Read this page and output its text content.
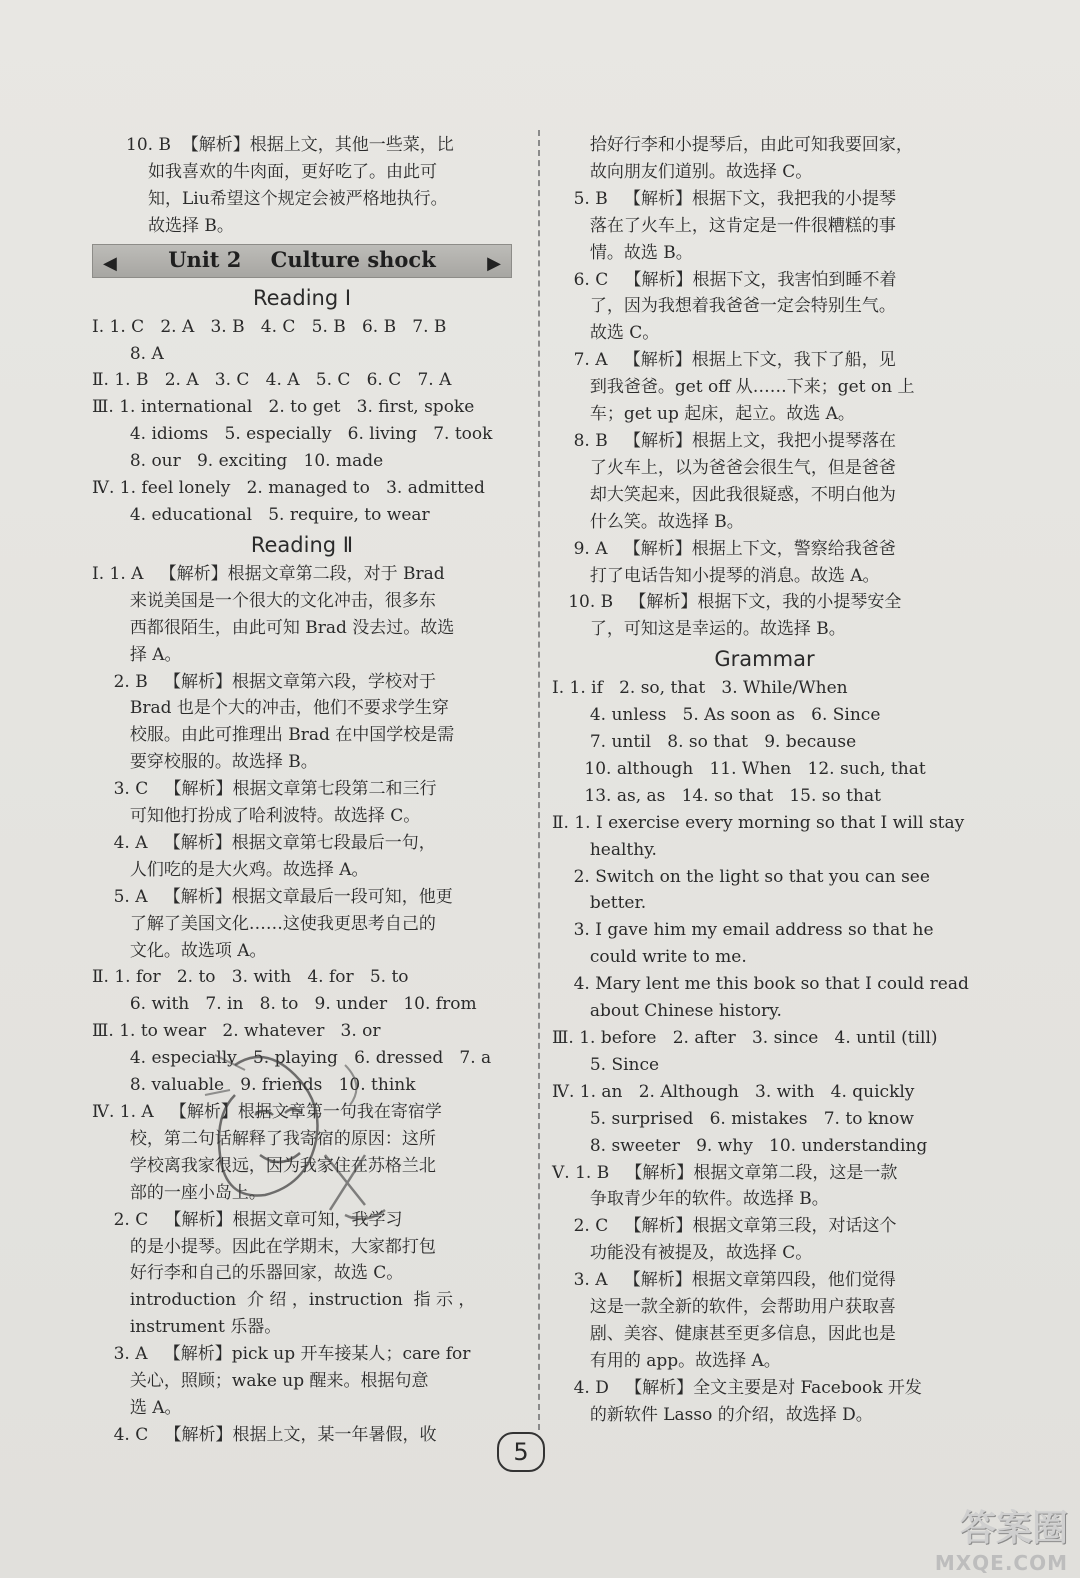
10. B 【解析】根据上文，其他一些菜，比
如我喜欢的牛肉面，更好吃了。由此可
知，Liu希望这个规定会被严格地执行。
故选择 B。
◀ Unit 2    Culture shock	▶
Reading Ⅰ
Ⅰ. 1. C   2. A   3. B   4. C   5. B   6. B   7. B
8. A
Ⅱ. 1. B   2. A   3. C   4. A   5. C   6. C   7. A
Ⅲ. 1. international   2. to get   3. first, spoke
4. idioms   5. especially   6. living   7. took
8. our   9. exciting   10. made
Ⅳ. 1. feel lonely   2. managed to   3. admitted
4. educational   5. require, to wear
Reading Ⅱ
Ⅰ. 1. A   【解析】根据文章第二段，对于 Brad
来说美国是一个很大的文化冲击，很多东
西都很陌生，由此可知 Brad 没去过。故选
择 A。
2. B   【解析】根据文章第六段，学校对于
Brad 也是个大的冲击，他们不要求学生穿
校服。由此可推理出 Brad 在中国学校是需
要穿校服的。故选择 B。
3. C   【解析】根据文章第七段第二和三行
可知他打扮成了哈利波特。故选择 C。
4. A   【解析】根据文章第七段最后一句，
人们吃的是大火鸡。故选择 A。
5. A   【解析】根据文章最后一段可知，他更
了解了美国文化……这使我更思考自己的
文化。故选项 A。
Ⅱ. 1. for   2. to   3. with   4. for   5. to
6. with   7. in   8. to   9. under   10. from
Ⅲ. 1. to wear   2. whatever   3. or
4. especially   5. playing   6. dressed   7. a
8. valuable   9. friends   10. think
Ⅳ. 1. A   【解析】根据文章第一句我在寄宿学
校，第二句话解释了我寄宿的原因：这所
学校离我家很远，因为我家住在苏格兰北
部的一座小岛上。
2. C   【解析】根据文章可知，我学习
的是小提琴。因此在学期末，大家都打包
好行李和自己的乐器回家，故选 C。
introduction  介 绍 ，instruction  指 示 ，
instrument 乐器。
3. A   【解析】pick up 开车接某人；care for
关心，照顾；wake up 醒来。根据句意
选 A。
4. C   【解析】根据上文，某一年暑假，收
拾好行李和小提琴后，由此可知我要回家，
故向朋友们道别。故选择 C。
5. B   【解析】根据下文，我把我的小提琴
落在了火车上，这肯定是一件很糟糕的事
情。故选 B。
6. C   【解析】根据下文，我害怕到睡不着
了，因为我想着我爸爸一定会特别生气。
故选 C。
7. A   【解析】根据上下文，我下了船，见
到我爸爸。get off 从……下来；get on 上
车；get up 起床，起立。故选 A。
8. B   【解析】根据上文，我把小提琴落在
了火车上，以为爸爸会很生气，但是爸爸
却大笑起来，因此我很疑惑，不明白他为
什么笑。故选择 B。
9. A   【解析】根据上下文，警察给我爸爸
打了电话告知小提琴的消息。故选 A。
10. B   【解析】根据下文，我的小提琴安全
了，可知这是幸运的。故选择 B。
Grammar
Ⅰ. 1. if   2. so, that   3. While/When
4. unless   5. As soon as   6. Since
7. until   8. so that   9. because
10. although   11. When   12. such, that
13. as, as   14. so that   15. so that
Ⅱ. 1. I exercise every morning so that I will stay
healthy.
2. Switch on the light so that you can see
better.
3. I gave him my email address so that he
could write to me.
4. Mary lent me this book so that I could read
about Chinese history.
Ⅲ. 1. before   2. after   3. since   4. until (till)
5. Since
Ⅳ. 1. an   2. Although   3. with   4. quickly
5. surprised   6. mistakes   7. to know
8. sweeter   9. why   10. understanding
Ⅴ. 1. B   【解析】根据文章第二段，这是一款
争取青少年的软件。故选择 B。
2. C   【解析】根据文章第三段，对话这个
功能没有被提及，故选择 C。
3. A   【解析】根据文章第四段，他们觉得
这是一款全新的软件，会帮助用户获取喜
剧、美容、健康甚至更多信息，因此也是
有用的 app。故选择 A。
4. D   【解析】全文主要是对 Facebook 开发
的新软件 Lasso 的介绍，故选择 D。
5
答案圈
MXQE.COM
